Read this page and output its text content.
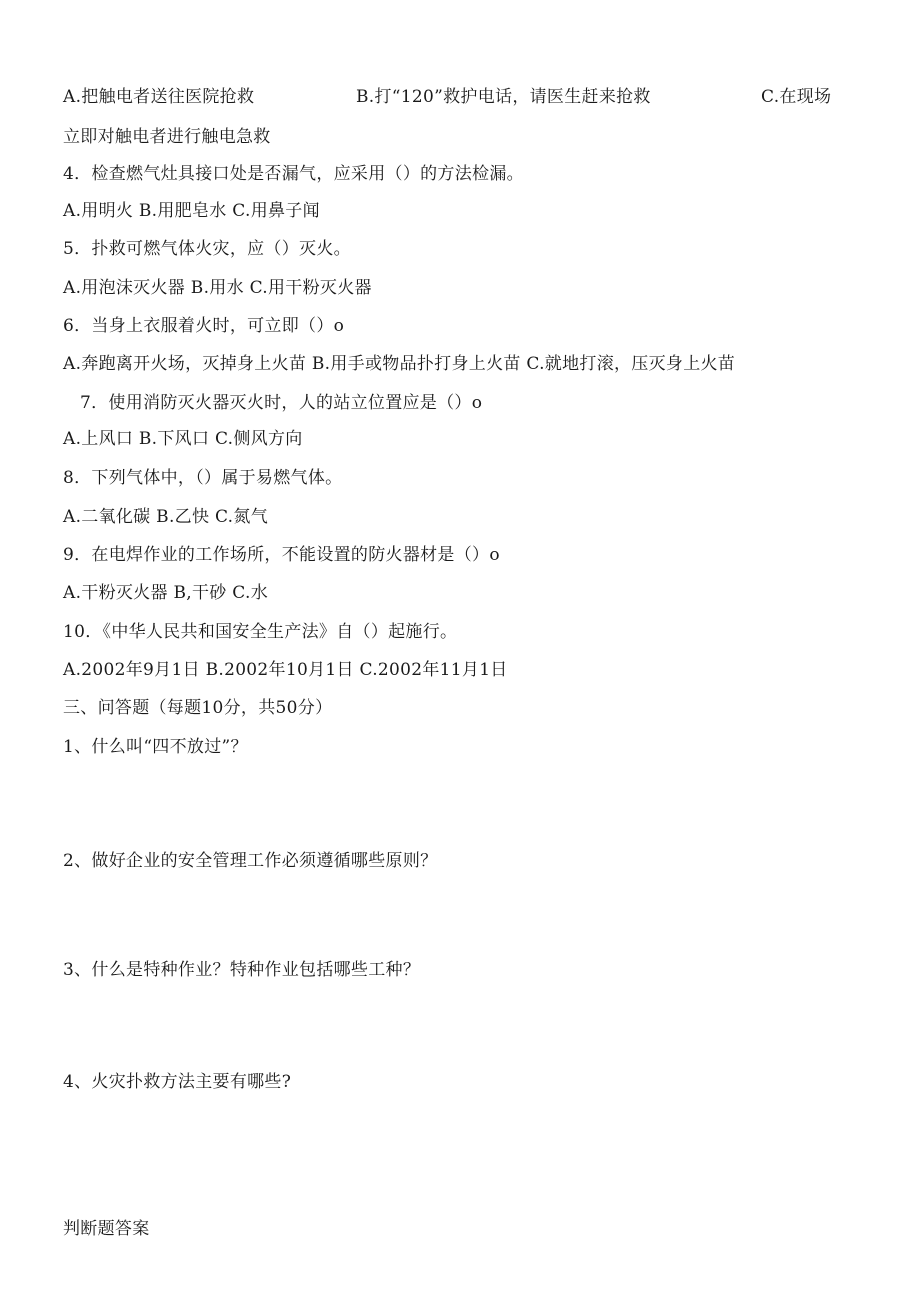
A.把触电者送往医院抢救	B.打“120”救护电话，请医生赶来抢救	C.在现场
立即对触电者进行触电急救
4．检查燃气灶具接口处是否漏气，应采用（）的方法检漏。
A.用明火 B.用肥皂水 C.用鼻子闻
5．扑救可燃气体火灾，应（）灭火。
A.用泡沫灭火器 B.用水 C.用干粉灭火器
6．当身上衣服着火时，可立即（）o
A.奔跑离开火场，灭掉身上火苗 B.用手或物品扑打身上火苗 C.就地打滚，压灭身上火苗
7．使用消防灭火器灭火时，人的站立位置应是（）o
A.上风口 B.下风口 C.侧风方向
8．下列气体中，（）属于易燃气体。
A.二氧化碳 B.乙快 C.氮气
9．在电焊作业的工作场所，不能设置的防火器材是（）o
A.干粉灭火器 B,干砂 C.水
10．《中华人民共和国安全生产法》自（）起施行。
A.2002年9月1日 B.2002年10月1日 C.2002年11月1日
三、问答题（每题10分，共50分）
1、什么叫“四不放过”？
2、做好企业的安全管理工作必须遵循哪些原则？
3、什么是特种作业？特种作业包括哪些工种？
4、火灾扑救方法主要有哪些?
判断题答案
